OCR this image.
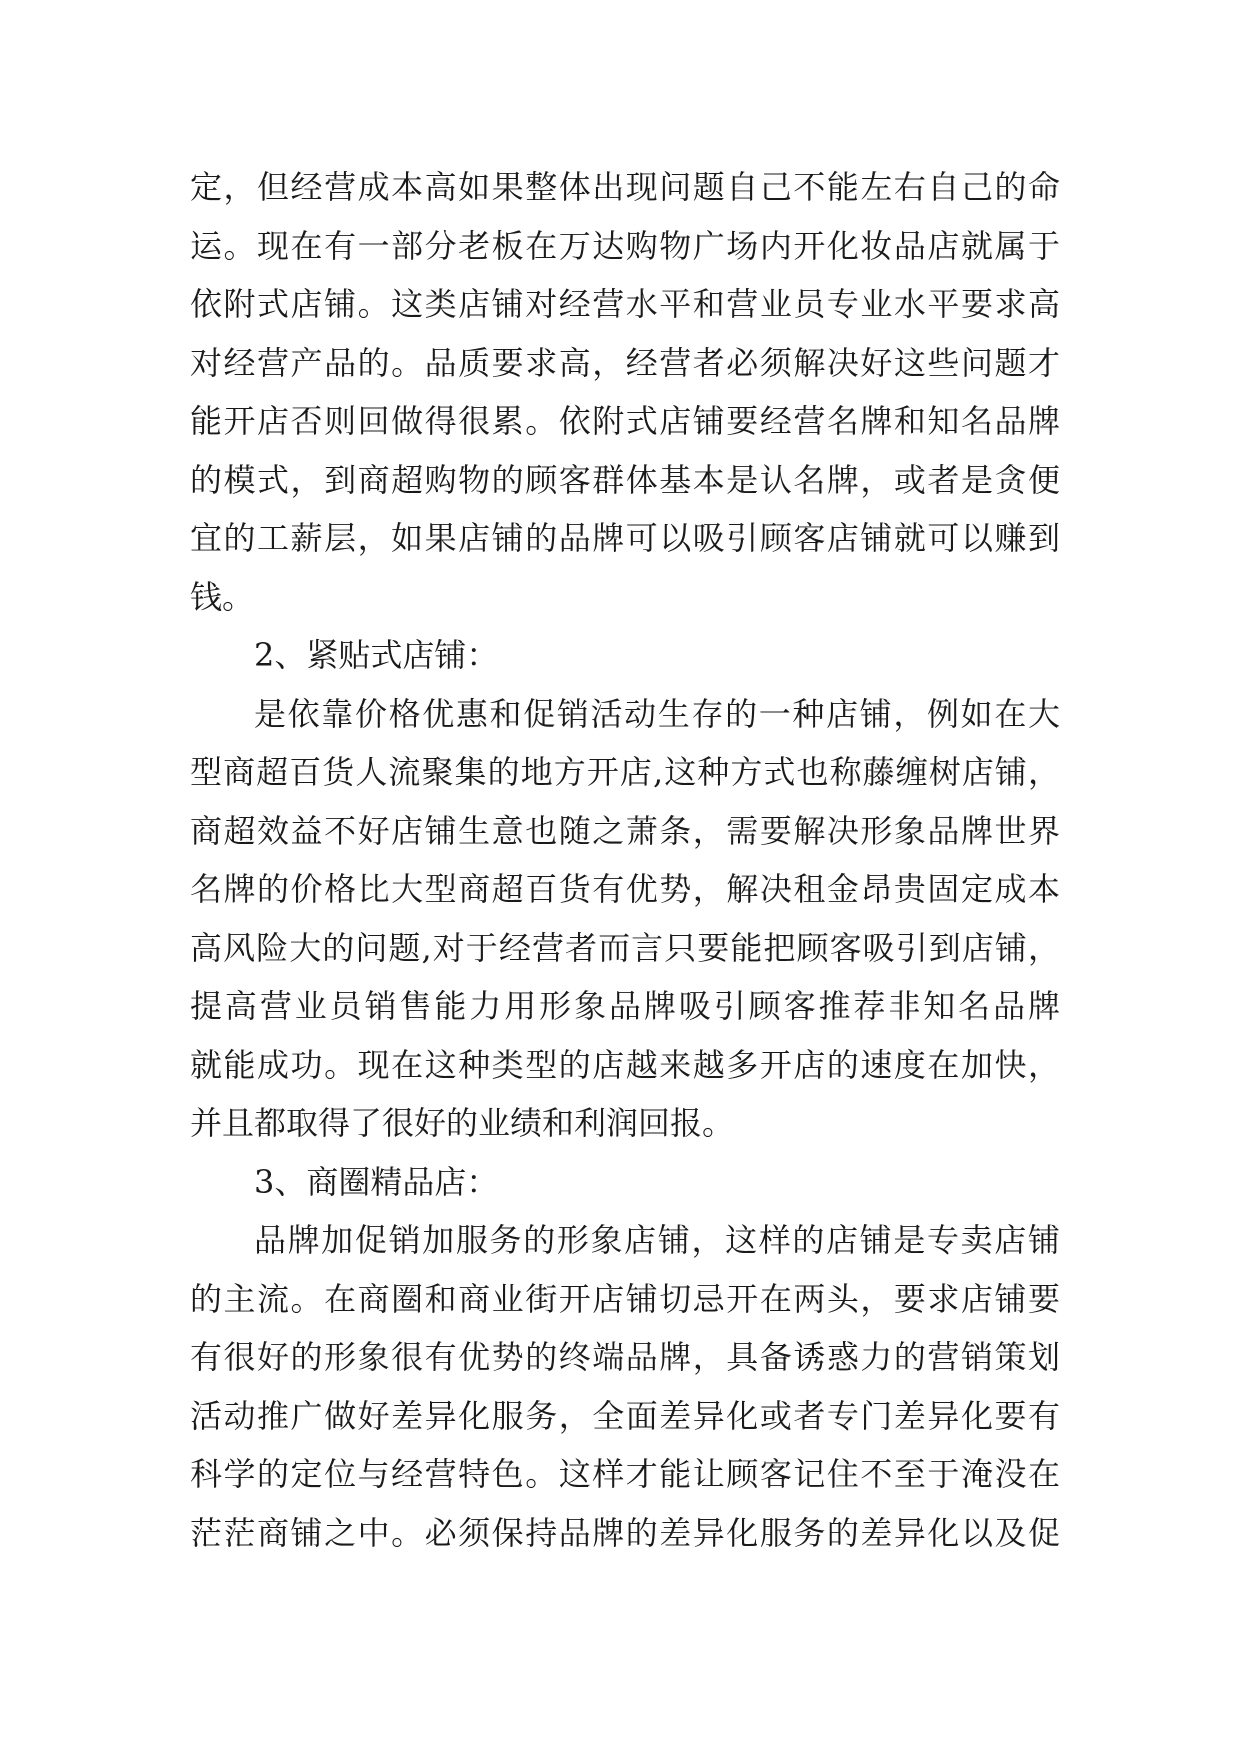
定，但经营成本高如果整体出现问题自己不能左右自己的命
运。现在有一部分老板在万达购物广场内开化妆品店就属于
依附式店铺。这类店铺对经营水平和营业员专业水平要求高
对经营产品的。品质要求高，经营者必须解决好这些问题才
能开店否则回做得很累。依附式店铺要经营名牌和知名品牌
的模式，到商超购物的顾客群体基本是认名牌，或者是贪便
宜的工薪层，如果店铺的品牌可以吸引顾客店铺就可以赚到
钱。
2、紧贴式店铺：
是依靠价格优惠和促销活动生存的一种店铺，例如在大
型商超百货人流聚集的地方开店,这种方式也称藤缠树店铺，
商超效益不好店铺生意也随之萧条，需要解决形象品牌世界
名牌的价格比大型商超百货有优势，解决租金昂贵固定成本
高风险大的问题,对于经营者而言只要能把顾客吸引到店铺，
提高营业员销售能力用形象品牌吸引顾客推荐非知名品牌
就能成功。现在这种类型的店越来越多开店的速度在加快，
并且都取得了很好的业绩和利润回报。
3、商圈精品店：
品牌加促销加服务的形象店铺，这样的店铺是专卖店铺
的主流。在商圈和商业街开店铺切忌开在两头，要求店铺要
有很好的形象很有优势的终端品牌，具备诱惑力的营销策划
活动推广做好差异化服务，全面差异化或者专门差异化要有
科学的定位与经营特色。这样才能让顾客记住不至于淹没在
茫茫商铺之中。必须保持品牌的差异化服务的差异化以及促
